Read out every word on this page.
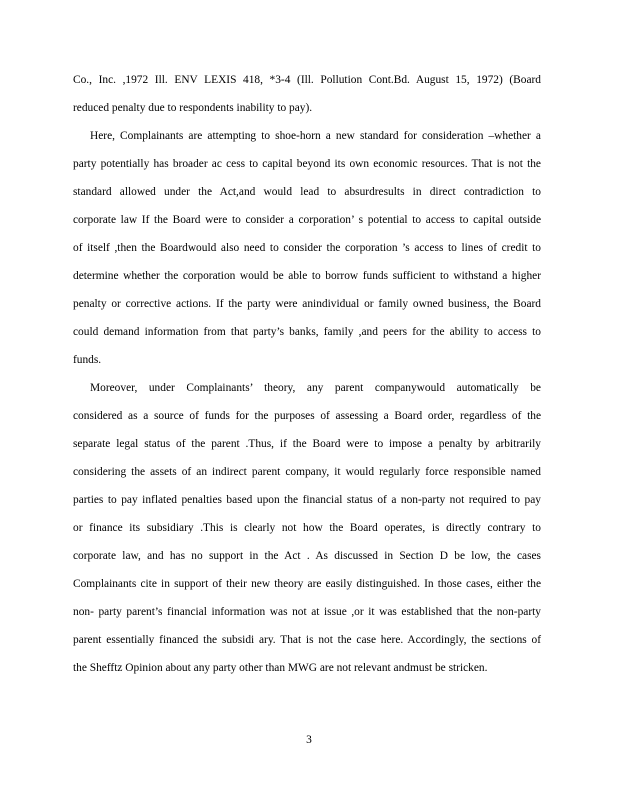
Co., Inc. ,1972 Ill. ENV LEXIS 418, *3-4 (Ill. Pollution Cont.Bd. August 15, 1972) (Board
reduced penalty due to respondents inability to pay).
Here, Complainants are attempting to shoe-horn a new standard for consideration –whether a
party potentially has broader ac cess to capital beyond its own economic resources. That is not the
standard allowed under the Act,and would lead to absurdresults in direct contradiction to
corporate law If the Board were to consider a corporation’ s potential to access to capital outside
of itself ,then the Boardwould also need to consider the corporation ’s access to lines of credit to
determine whether the corporation would be able to borrow funds sufficient to withstand a higher
penalty or corrective actions. If the party were anindividual or family owned business, the Board
could demand information from that party’s banks, family ,and peers for the ability to access to
funds.
Moreover, under Complainants’ theory, any parent companywould automatically be
considered as a source of funds for the purposes of assessing a Board order, regardless of the
separate legal status of the parent .Thus, if the Board were to impose a penalty by arbitrarily
considering the assets of an indirect parent company, it would regularly force responsible named
parties to pay inflated penalties based upon the financial status of a non-party not required to pay
or finance its subsidiary .This is clearly not how the Board operates, is directly contrary to
corporate law, and has no support in the Act . As discussed in Section D be low, the cases
Complainants cite in support of their new theory are easily distinguished. In those cases, either the
non- party parent’s financial information was not at issue ,or it was established that the non-party
parent essentially financed the subsidi ary. That is not the case here. Accordingly, the sections of
the Shefftz Opinion about any party other than MWG are not relevant andmust be stricken.
3
